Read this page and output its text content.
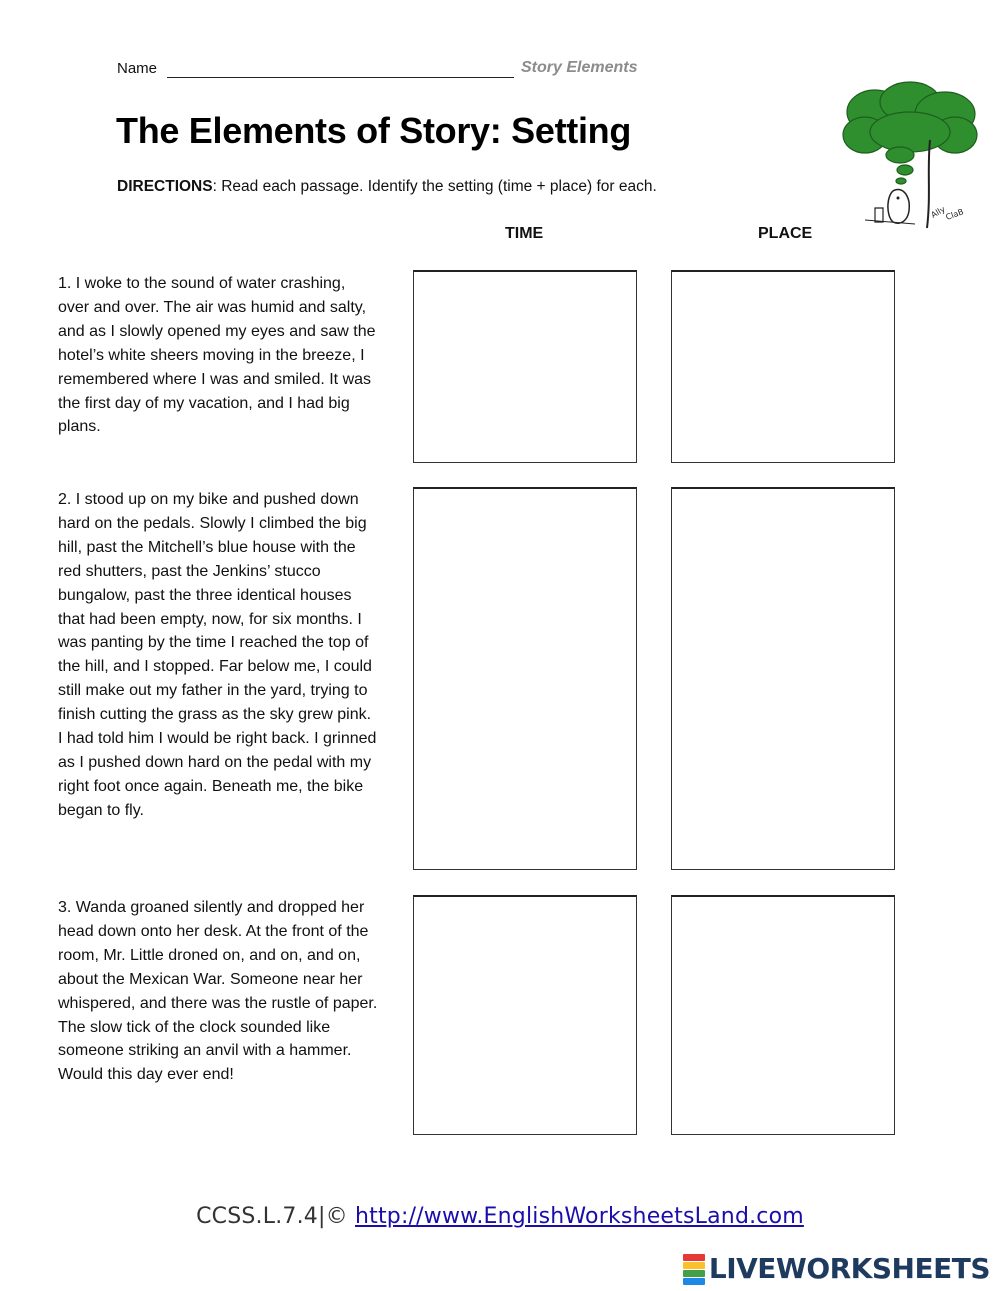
Name	Story Elements
The Elements of Story: Setting
DIRECTIONS: Read each passage. Identify the setting (time + place) for each.
Ally
ClaB
TIME	PLACE
1. I woke to the sound of water crashing, over and over. The air was humid and salty, and as I slowly opened my eyes and saw the hotel’s white sheers moving in the breeze, I remembered where I was and smiled. It was the first day of my vacation, and I had big plans.
2. I stood up on my bike and pushed down hard on the pedals. Slowly I climbed the big hill, past the Mitchell’s blue house with the red shutters, past the Jenkins’ stucco bungalow, past the three identical houses that had been empty, now, for six months. I was panting by the time I reached the top of the hill, and I stopped. Far below me, I could still make out my father in the yard, trying to finish cutting the grass as the sky grew pink. I had told him I would be right back. I grinned as I pushed down hard on the pedal with my right foot once again. Beneath me, the bike began to fly.
3. Wanda groaned silently and dropped her head down onto her desk. At the front of the room, Mr. Little droned on, and on, and on, about the Mexican War. Someone near her whispered, and there was the rustle of paper. The slow tick of the clock sounded like someone striking an anvil with a hammer. Would this day ever end!
CCSS.L.7.4|© http://www.EnglishWorksheetsLand.com
LIVEWORKSHEETS
